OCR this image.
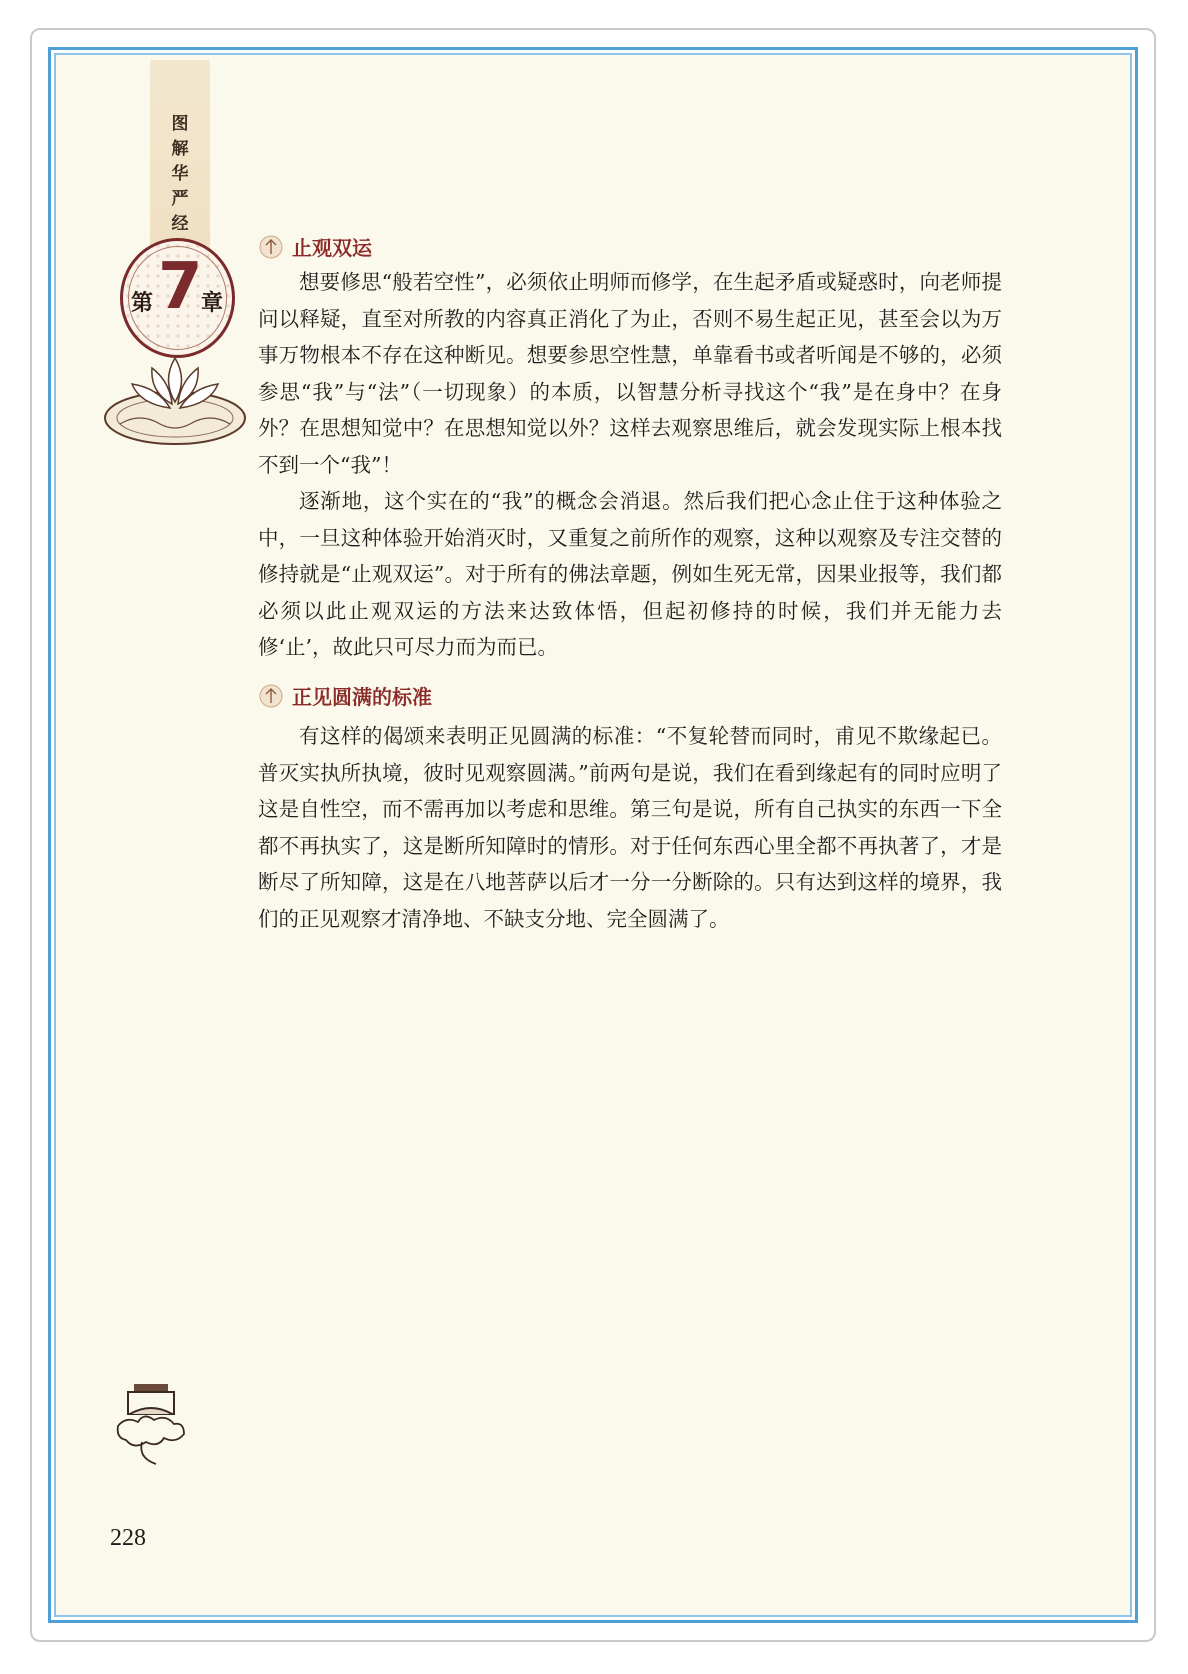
图
解
华
严
经
7
第 章
止观双运

想要修思“般若空性”，必须依止明师而修学，在生起矛盾或疑惑时，向老师提问以释疑，直至对所教的内容真正消化了为止，否则不易生起正见，甚至会以为万事万物根本不存在这种断见。想要参思空性慧，单靠看书或者听闻是不够的，必须参思“我”与“法”（一切现象）的本质，以智慧分析寻找这个“我”是在身中？在身外？在思想知觉中？在思想知觉以外？这样去观察思维后，就会发现实际上根本找不到一个“我”！

逐渐地，这个实在的“我”的概念会消退。然后我们把心念止住于这种体验之中，一旦这种体验开始消灭时，又重复之前所作的观察，这种以观察及专注交替的修持就是“止观双运”。对于所有的佛法章题，例如生死无常，因果业报等，我们都必须以此止观双运的方法来达致体悟，但起初修持的时候，我们并无能力去修‘止’，故此只可尽力而为而已。

正见圆满的标准

有这样的偈颂来表明正见圆满的标准：“不复轮替而同时，甫见不欺缘起已。普灭实执所执境，彼时见观察圆满。”前两句是说，我们在看到缘起有的同时应明了这是自性空，而不需再加以考虑和思维。第三句是说，所有自己执实的东西一下全都不再执实了，这是断所知障时的情形。对于任何东西心里全都不再执著了，才是断尽了所知障，这是在八地菩萨以后才一分一分断除的。只有达到这样的境界，我们的正见观察才清净地、不缺支分地、完全圆满了。

228
